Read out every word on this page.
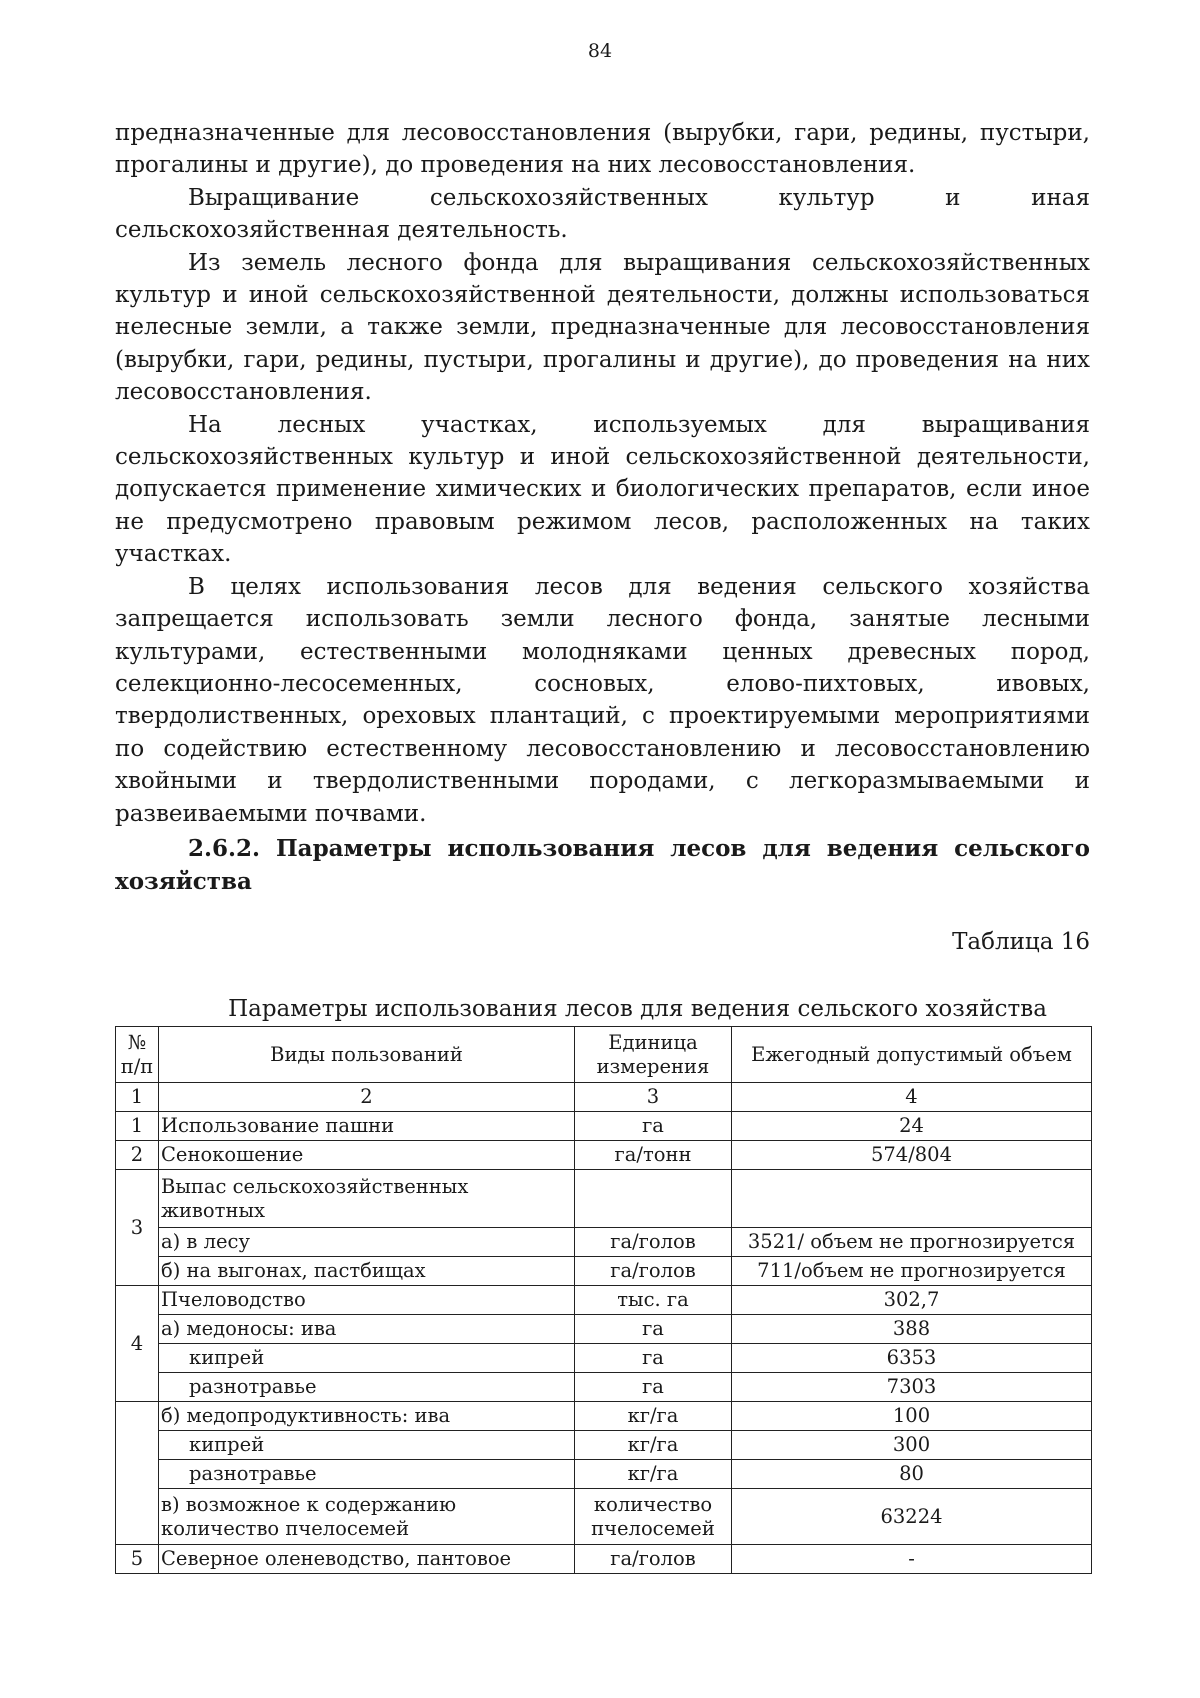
84

предназначенные для лесовосстановления (вырубки, гари, редины, пустыри, прогалины и другие), до проведения на них лесовосстановления.

Выращивание сельскохозяйственных культур и иная сельскохозяйственная деятельность.

Из земель лесного фонда для выращивания сельскохозяйственных культур и иной сельскохозяйственной деятельности, должны использоваться нелесные земли, а также земли, предназначенные для лесовосстановления (вырубки, гари, редины, пустыри, прогалины и другие), до проведения на них лесовосстановления.

На лесных участках, используемых для выращивания сельскохозяйственных культур и иной сельскохозяйственной деятельности, допускается применение химических и биологических препаратов, если иное не предусмотрено правовым режимом лесов, расположенных на таких участках.

В целях использования лесов для ведения сельского хозяйства запрещается использовать земли лесного фонда, занятые лесными культурами, естественными молодняками ценных древесных пород, селекционно-лесосеменных, сосновых, елово-пихтовых, ивовых, твердолиственных, ореховых плантаций, с проектируемыми мероприятиями по содействию естественному лесовосстановлению и лесовосстановлению хвойными и твердолиственными породами, с легкоразмываемыми и развеиваемыми почвами.

2.6.2. Параметры использования лесов для ведения сельского хозяйства

Таблица 16
Параметры использования лесов для ведения сельского хозяйства
№ п/п	Виды пользований	Единица измерения	Ежегодный допустимый объем
1	2	3	4
1	Использование пашни	га	24
2	Сенокошение	га/тонн	574/804
3	Выпас сельскохозяйственных животных		
	а) в лесу	га/голов	3521/ объем не прогнозируется
	б) на выгонах, пастбищах	га/голов	711/объем не прогнозируется
4	Пчеловодство	тыс. га	302,7
	а) медоносы: ива	га	388
	кипрей	га	6353
	разнотравье	га	7303
	б) медопродуктивность: ива	кг/га	100
	кипрей	кг/га	300
	разнотравье	кг/га	80
	в) возможное к содержанию количество пчелосемей	количество пчелосемей	63224
5	Северное оленеводство, пантовое	га/голов	-
